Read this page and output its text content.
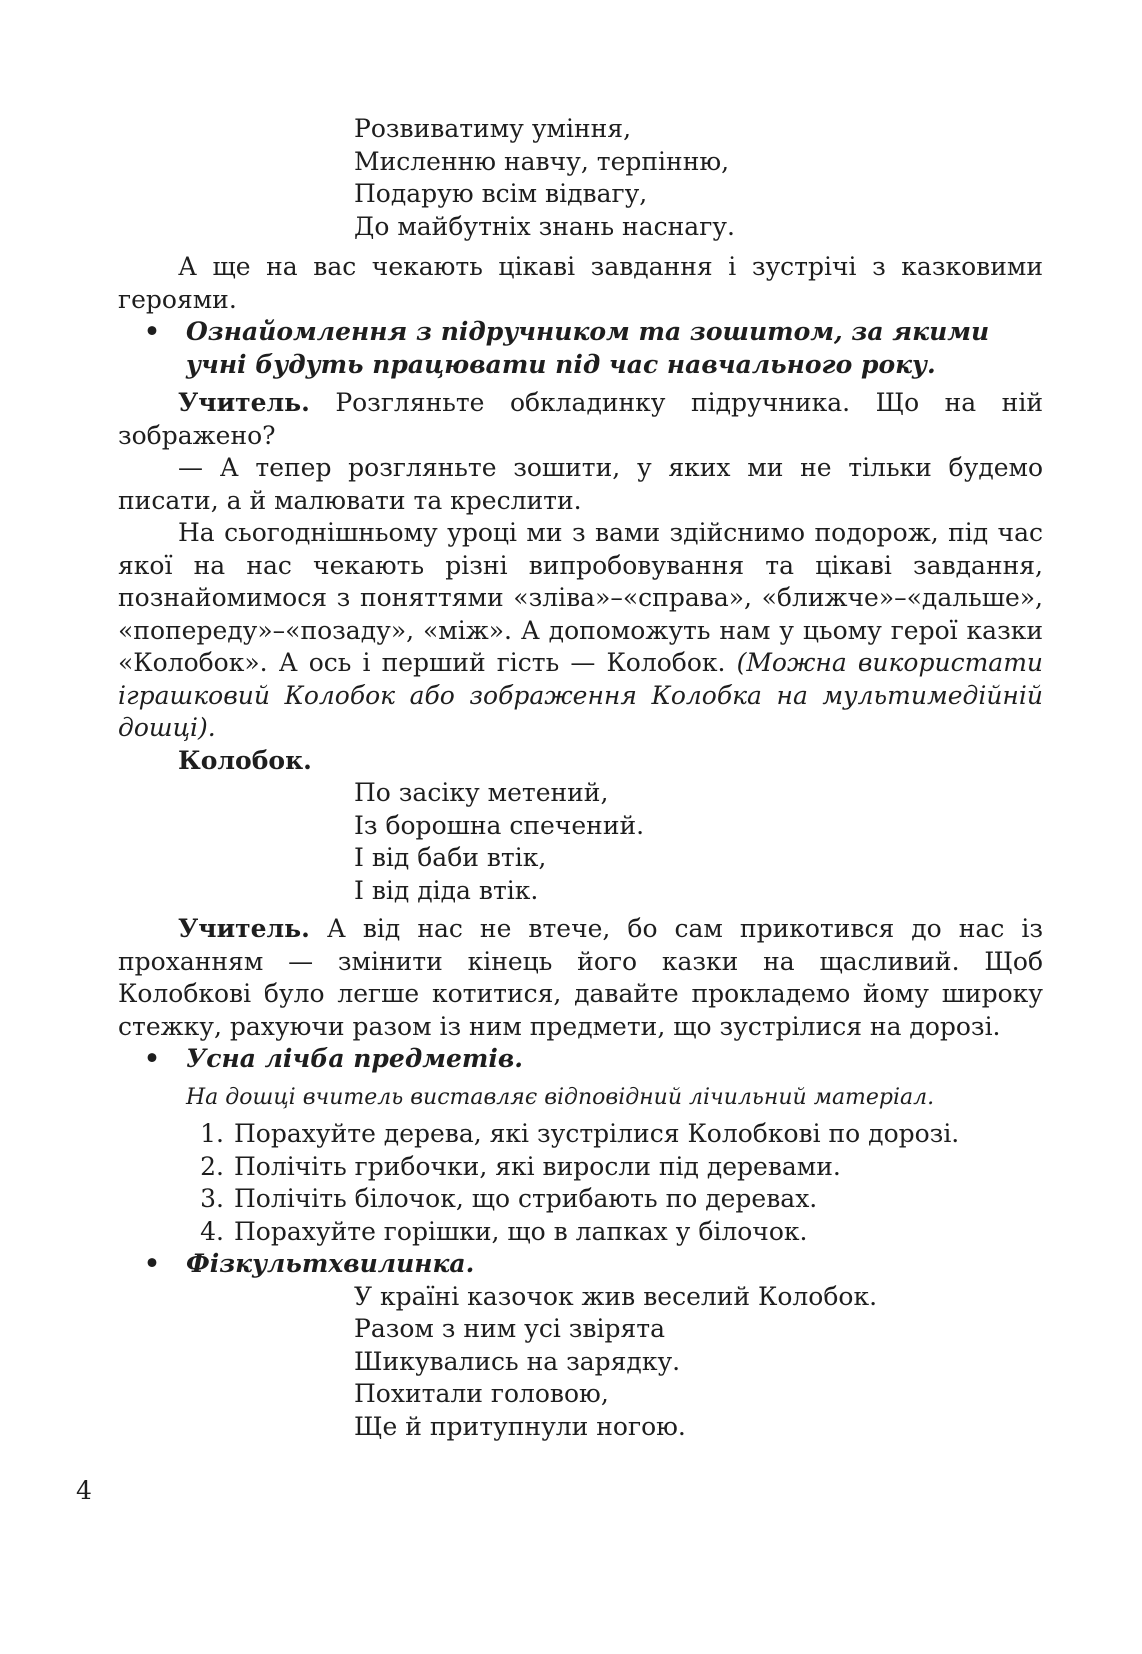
Розвиватиму уміння,
Мисленню навчу, терпінню,
Подарую всім відвагу,
До майбутніх знань наснагу.

А ще на вас чекають цікаві завдання і зустрічі з казковими героями.

• Ознайомлення з підручником та зошитом, за якими учні будуть працювати під час навчального року.

Учитель. Розгляньте обкладинку підручника. Що на ній зображено?

— А тепер розгляньте зошити, у яких ми не тільки будемо писати, а й малювати та креслити.

На сьогоднішньому уроці ми з вами здійснимо подорож, під час якої на нас чекають різні випробовування та цікаві завдання, познайомимося з поняттями «зліва»–«справа», «ближче»–«дальше», «попереду»–«позаду», «між». А допоможуть нам у цьому герої казки «Колобок». А ось і перший гість — Колобок. (Можна використати іграшковий Колобок або зображення Колобка на мультимедійній дошці).

Колобок.

По засіку метений,
Із борошна спечений.
І від баби втік,
І від діда втік.

Учитель. А від нас не втече, бо сам прикотився до нас із проханням — змінити кінець його казки на щасливий. Щоб Колобкові було легше котитися, давайте прокладемо йому широку стежку, рахуючи разом із ним предмети, що зустрілися на дорозі.

• Усна лічба предметів.
На дошці вчитель виставляє відповідний лічильний матеріал.
1. Порахуйте дерева, які зустрілися Колобкові по дорозі.
2. Полічіть грибочки, які виросли під деревами.
3. Полічіть білочок, що стрибають по деревах.
4. Порахуйте горішки, що в лапках у білочок.
• Фізкультхвилинка.
У країні казочок жив веселий Колобок.
Разом з ним усі звірята
Шикувались на зарядку.
Похитали головою,
Ще й притупнули ногою.
4
